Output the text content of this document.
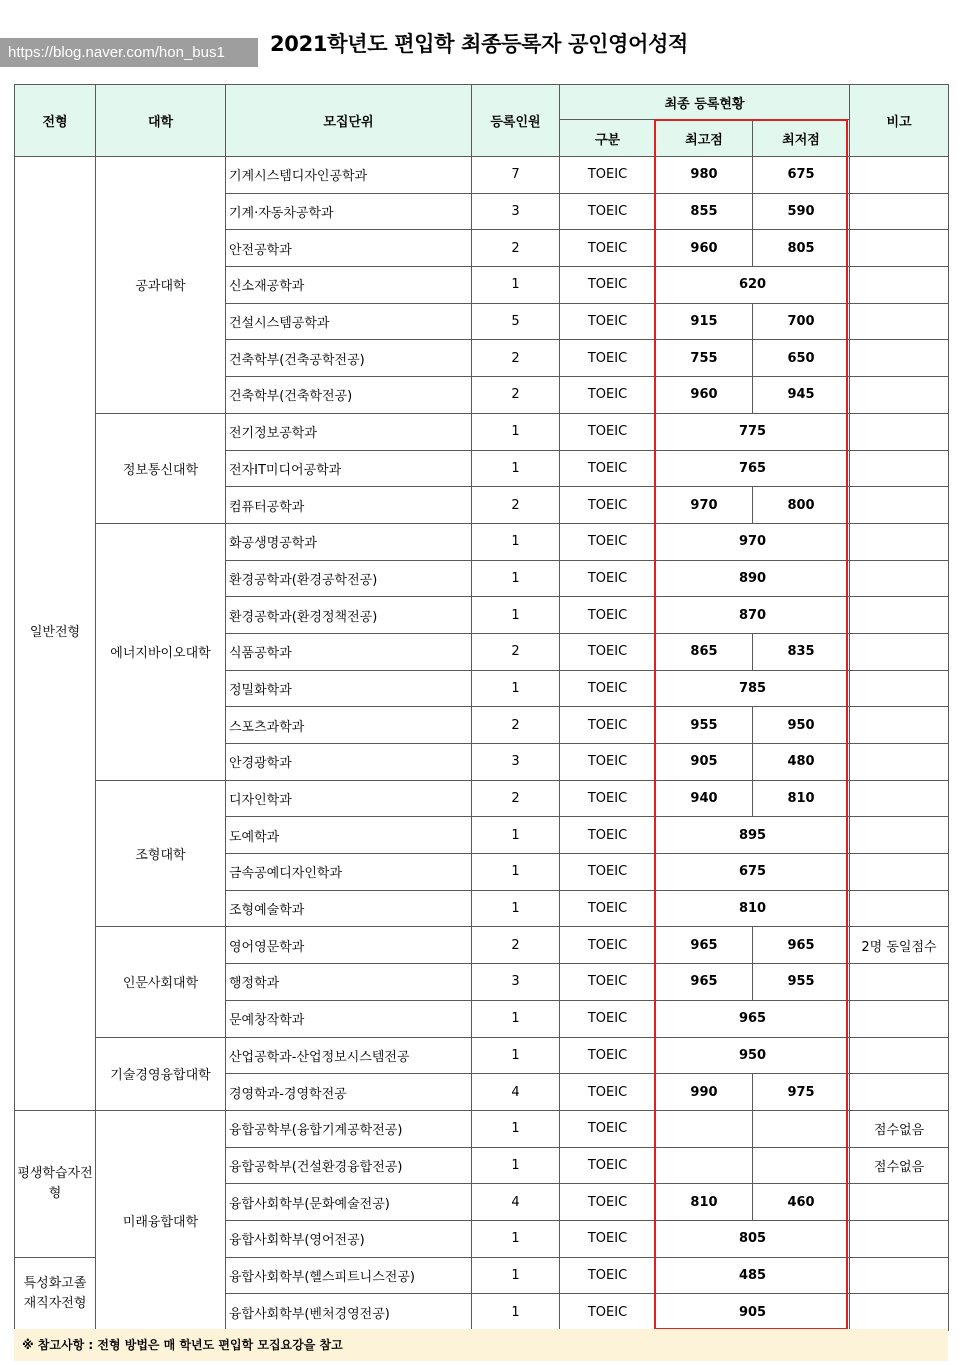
https://blog.naver.com/hon_bus1	2021학년도 편입학 최종등록자 공인영어성적
전형	대학	모집단위	등록인원	최종 등록현황			비고
				구분	최고점	최저점	
일반전형	공과대학	기계시스템디자인공학과	7	TOEIC	980	675	
		기계·자동차공학과	3	TOEIC	855	590	
		안전공학과	2	TOEIC	960	805	
		신소재공학과	1	TOEIC	620		
		건설시스템공학과	5	TOEIC	915	700	
		건축학부(건축공학전공)	2	TOEIC	755	650	
		건축학부(건축학전공)	2	TOEIC	960	945	
	정보통신대학	전기정보공학과	1	TOEIC	775		
		전자IT미디어공학과	1	TOEIC	765		
		컴퓨터공학과	2	TOEIC	970	800	
	에너지바이오대학	화공생명공학과	1	TOEIC	970		
		환경공학과(환경공학전공)	1	TOEIC	890		
		환경공학과(환경정책전공)	1	TOEIC	870		
		식품공학과	2	TOEIC	865	835	
		정밀화학과	1	TOEIC	785		
		스포츠과학과	2	TOEIC	955	950	
		안경광학과	3	TOEIC	905	480	
	조형대학	디자인학과	2	TOEIC	940	810	
		도예학과	1	TOEIC	895		
		금속공예디자인학과	1	TOEIC	675		
		조형예술학과	1	TOEIC	810		
	인문사회대학	영어영문학과	2	TOEIC	965	965	2명 동일점수
		행정학과	3	TOEIC	965	955	
		문예창작학과	1	TOEIC	965		
	기술경영융합대학	산업공학과-산업정보시스템전공	1	TOEIC	950		
		경영학과-경영학전공	4	TOEIC	990	975	
평생학습자전형	미래융합대학	융합공학부(융합기계공학전공)	1	TOEIC			점수없음
		융합공학부(건설환경융합전공)	1	TOEIC			점수없음
		융합사회학부(문화예술전공)	4	TOEIC	810	460	
		융합사회학부(영어전공)	1	TOEIC	805		
특성화고졸
재직자전형		융합사회학부(헬스피트니스전공)	1	TOEIC	485		
		융합사회학부(벤처경영전공)	1	TOEIC	905		
※ 참고사항 : 전형 방법은 매 학년도 편입학 모집요강을 참고
